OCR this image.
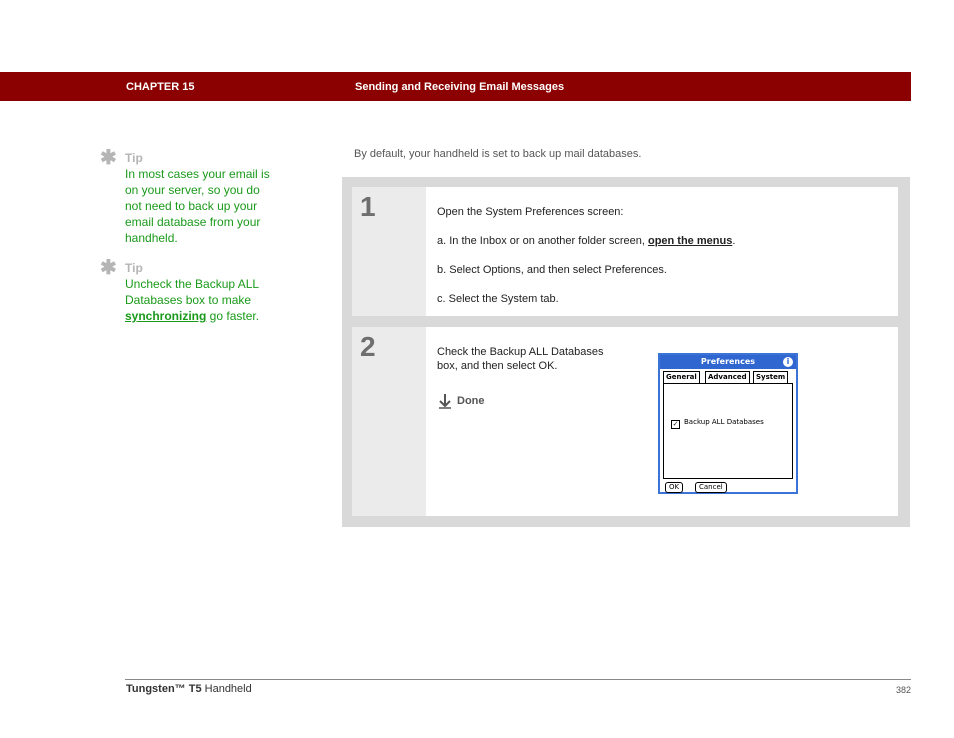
CHAPTER 15	Sending and Receiving Email Messages
✱ Tip
In most cases your email is on your server, so you do not need to back up your email database from your handheld.
✱ Tip
Uncheck the Backup ALL Databases box to make synchronizing go faster.
By default, your handheld is set to back up mail databases.
1	Open the System Preferences screen:
a. In the Inbox or on another folder screen, open the menus.
b. Select Options, and then select Preferences.
c. Select the System tab.
2	Check the Backup ALL Databases
box, and then select OK.
Done
Preferences	i
General	Advanced	System
✓ Backup ALL Databases
OK	Cancel
Tungsten™ T5 Handheld	382
